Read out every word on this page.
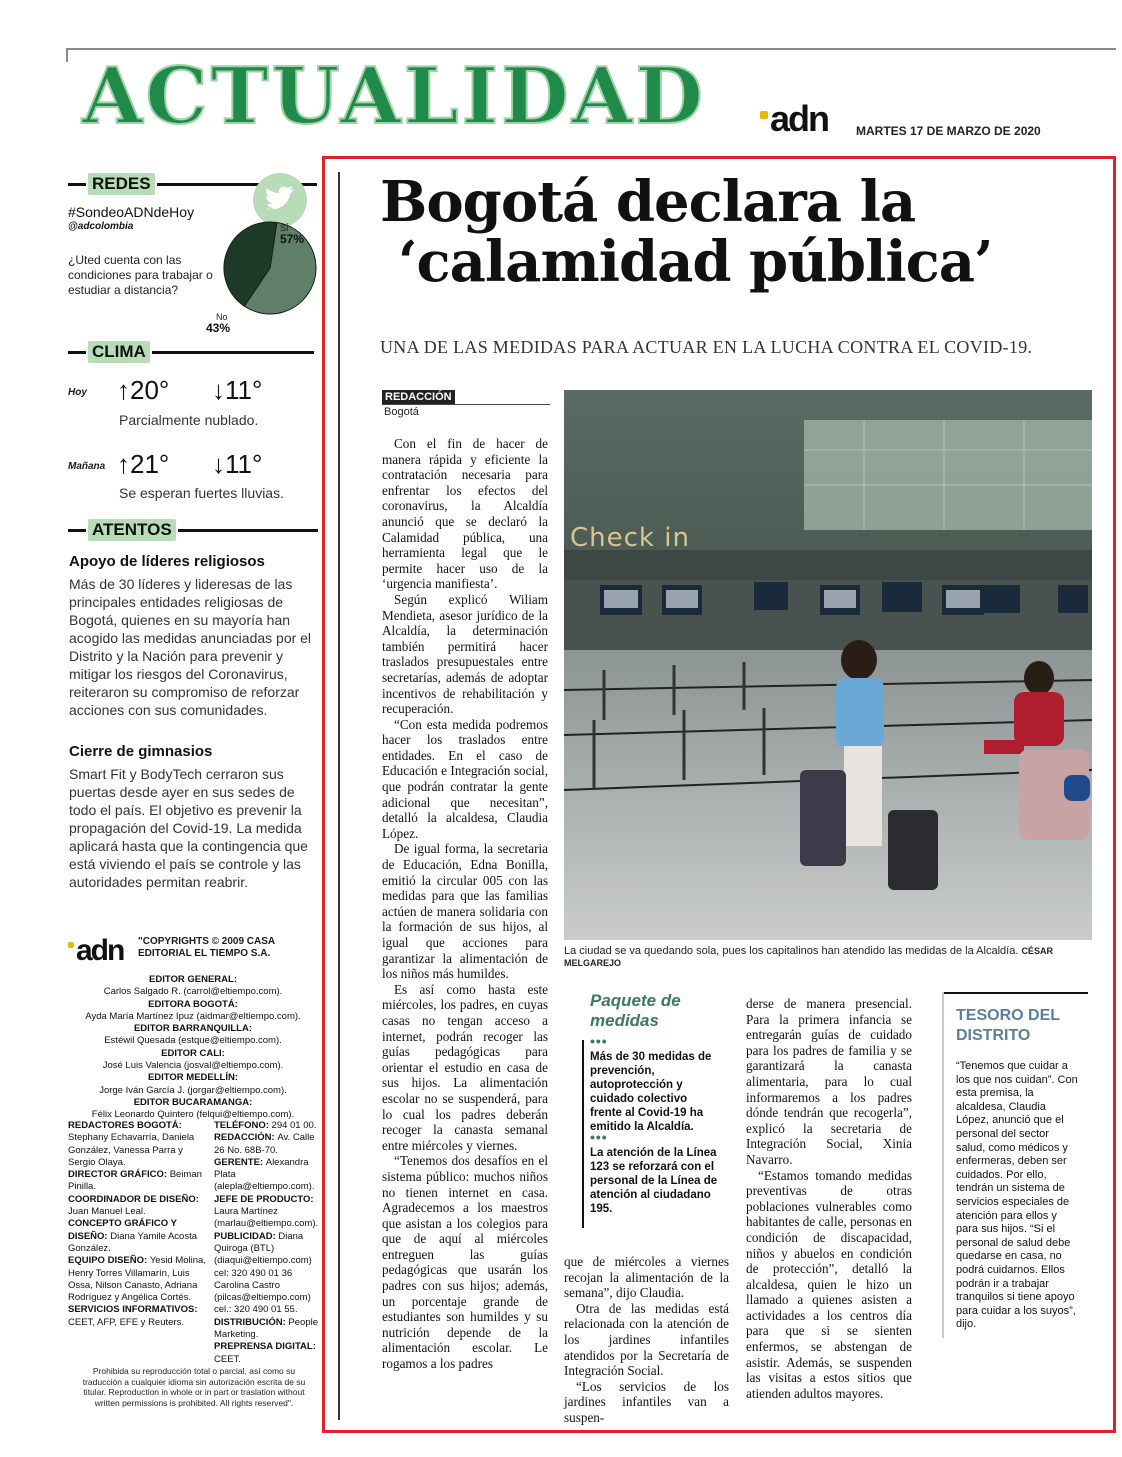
ACTUALIDAD adn MARTES 17 DE MARZO DE 2020
REDES
#SondeoADNdeHoy
@adcolombia
¿Uted cuenta con las condiciones para trabajar o estudiar a distancia?
SÍ
57%
No
43%
CLIMA
Hoy ↑20° ↓11°
Parcialmente nublado.
Mañana ↑21° ↓11°
Se esperan fuertes lluvias.
ATENTOS
Apoyo de líderes religiosos
Más de 30 líderes y lideresas de las principales entidades religiosas de Bogotá, quienes en su mayoría han acogido las medidas anunciadas por el Distrito y la Nación para prevenir y mitigar los riesgos del Coronavirus, reiteraron su compromiso de reforzar acciones con sus comunidades.
Cierre de gimnasios
Smart Fit y BodyTech cerraron sus puertas desde ayer en sus sedes de todo el país. El objetivo es prevenir la propagación del Covid-19. La medida aplicará hasta que la contingencia que está viviendo el país se controle y las autoridades permitan reabrir.
adn "COPYRIGHTS © 2009 CASA EDITORIAL EL TIEMPO S.A.
EDITOR GENERAL:
Carlos Salgado R. (carrol@eltiempo.com).
EDITORA BOGOTÁ:
Ayda María Martínez Ipuz (aidmar@eltiempo.com).
EDITOR BARRANQUILLA:
Estéwil Quesada (estque@eltiempo.com).
EDITOR CALI:
José Luis Valencia (josval@eltiempo.com).
EDITOR MEDELLÍN:
Jorge Iván García J. (jorgar@eltiempo.com).
EDITOR BUCARAMANGA:
Félix Leonardo Quintero (felqui@eltiempo.com).
REDACTORES BOGOTÁ: Stephany Echavarría, Daniela González, Vanessa Parra y Sergio Olaya.
DIRECTOR GRÁFICO: Beiman Pinilla.
COORDINADOR DE DISEÑO: Juan Manuel Leal.
CONCEPTO GRÁFICO Y DISEÑO: Diana Yamile Acosta González.
EQUIPO DISEÑO: Yesid Molina, Henry Torres Villamarín, Luis Ossa, Nilson Canasto, Adriana Rodríguez y Angélica Cortés.
SERVICIOS INFORMATIVOS: CEET, AFP, EFE y Reuters.
TELÉFONO: 294 01 00.
REDACCIÓN: Av. Calle 26 No. 68B-70.
GERENTE: Alexandra Plata (alepla@eltiempo.com).
JEFE DE PRODUCTO: Laura Martínez (marlau@eltiempo.com).
PUBLICIDAD: Diana Quiroga (BTL) (diaqui@eltiempo.com) cel: 320 490 01 36 Carolina Castro (pilcas@eltiempo.com) cel.: 320 490 01 55.
DISTRIBUCIÓN: People Marketing.
PREPRENSA DIGITAL: CEET.
Prohibida su reproducción total o parcial, así como su traducción a cualquier idioma sin autorización escrita de su titular. Reproduction in whole or in part or traslation without written permissions is prohibited. All rights reserved".
Bogotá declara la
‘calamidad pública’
UNA DE LAS MEDIDAS PARA ACTUAR EN LA LUCHA CONTRA EL COVID-19.
REDACCIÓN
Bogotá

Con el fin de hacer de manera rápida y eficiente la contratación necesaria para enfrentar los efectos del coronavirus, la Alcaldía anunció que se declaró la Calamidad pública, una herramienta legal que le permite hacer uso de la ‘urgencia manifiesta’.

Según explicó Wiliam Mendieta, asesor jurídico de la Alcaldía, la determinación también permitirá hacer traslados presupuestales entre secretarías, además de adoptar incentivos de rehabilitación y recuperación.

“Con esta medida podremos hacer los traslados entre entidades. En el caso de Educación e Integración social, que podrán contratar la gente adicional que necesitan”, detalló la alcaldesa, Claudia López.

De igual forma, la secretaria de Educación, Edna Bonilla, emitió la circular 005 con las medidas para que las familias actúen de manera solidaria con la formación de sus hijos, al igual que acciones para garantizar la alimentación de los niños más humildes.

Es así como hasta este miércoles, los padres, en cuyas casas no tengan acceso a internet, podrán recoger las guías pedagógicas para orientar el estudio en casa de sus hijos. La alimentación escolar no se suspenderá, para lo cual los padres deberán recoger la canasta semanal entre miércoles y viernes.

“Tenemos dos desafíos en el sistema público: muchos niños no tienen internet en casa. Agradecemos a los maestros que asistan a los colegios para que de aquí al miércoles entreguen las guías pedagógicas que usarán los padres con sus hijos; además, un porcentaje grande de estudiantes son humildes y su nutrición depende de la alimentación escolar. Le rogamos a los padres

que de miércoles a viernes recojan la alimentación de la semana”, dijo Claudia.

Otra de las medidas está relacionada con la atención de los jardines infantiles atendidos por la Secretaría de Integración Social.

“Los servicios de los jardines infantiles van a suspen-

derse de manera presencial. Para la primera infancia se entregarán guías de cuidado para los padres de familia y se garantizará la canasta alimentaria, para lo cual informaremos a los padres dónde tendrán que recogerla”, explicó la secretaria de Integración Social, Xinia Navarro.

“Estamos tomando medidas preventivas de otras poblaciones vulnerables como habitantes de calle, personas en condición de discapacidad, niños y abuelos en condición de protección”, detalló la alcaldesa, quien le hizo un llamado a quienes asisten a actividades a los centros día para que si se sienten enfermos, se abstengan de asistir. Además, se suspenden las visitas a estos sitios que atienden adultos mayores.

Check in
La ciudad se va quedando sola, pues los capitalinos han atendido las medidas de la Alcaldía. CÉSAR MELGAREJO
Paquete de
medidas
•••
Más de 30 medidas de prevención, autoprotección y cuidado colectivo frente al Covid-19 ha emitido la Alcaldía.
•••
La atención de la Línea 123 se reforzará con el personal de la Línea de atención al ciudadano 195.
TESORO DEL
DISTRITO
“Tenemos que cuidar a los que nos cuidan”. Con esta premisa, la alcaldesa, Claudia López, anunció que el personal del sector salud, como médicos y enfermeras, deben ser cuidados. Por ello, tendrán un sistema de servicios especiales de atención para ellos y para sus hijos. “Si el personal de salud debe quedarse en casa, no podrá cuidarnos. Ellos podrán ir a trabajar tranquilos si tiene apoyo para cuidar a los suyos”, dijo.
